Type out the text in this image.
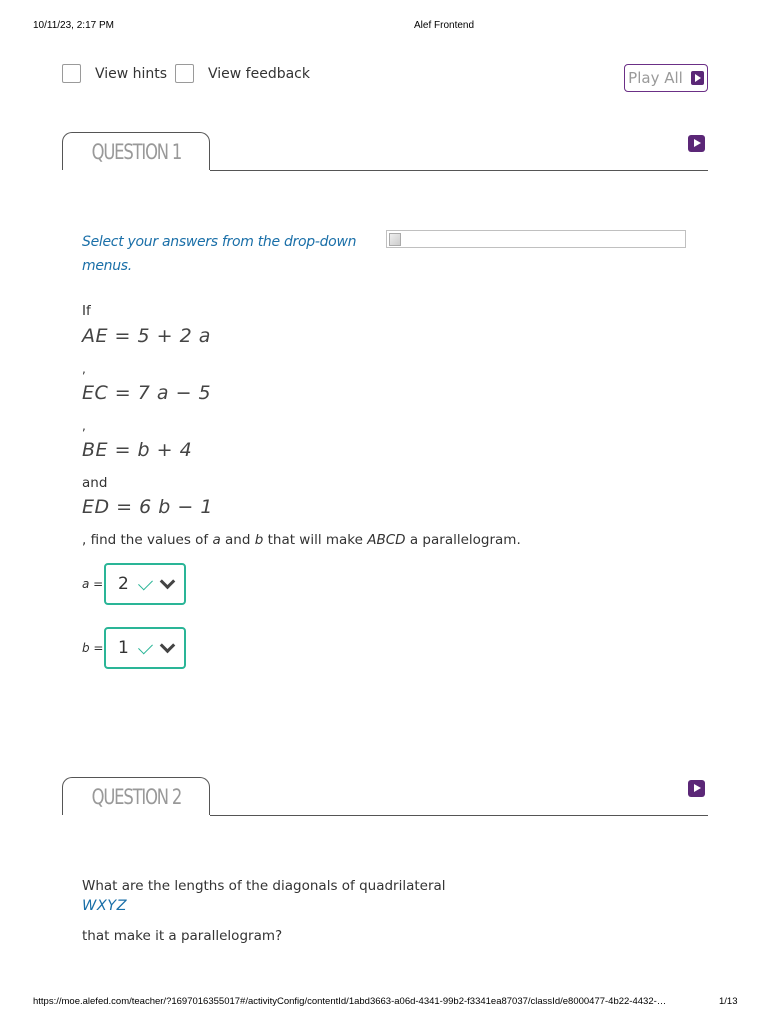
10/11/23, 2:17 PM	Alef Frontend
View hints	View feedback	Play All
QUESTION 1
Select your answers from the drop-down menus.
If
AE = 5 + 2 a
,
EC = 7 a − 5
,
BE = b + 4
and
ED = 6 b − 1
, find the values of a and b that will make ABCD a parallelogram.
a = 2
b = 1
QUESTION 2
What are the lengths of the diagonals of quadrilateral
WXYZ
that make it a parallelogram?
https://moe.alefed.com/teacher/?1697016355017#/activityConfig/contentId/1abd3663-a06d-4341-99b2-f3341ea87037/classId/e8000477-4b22-4432-…	1/13
